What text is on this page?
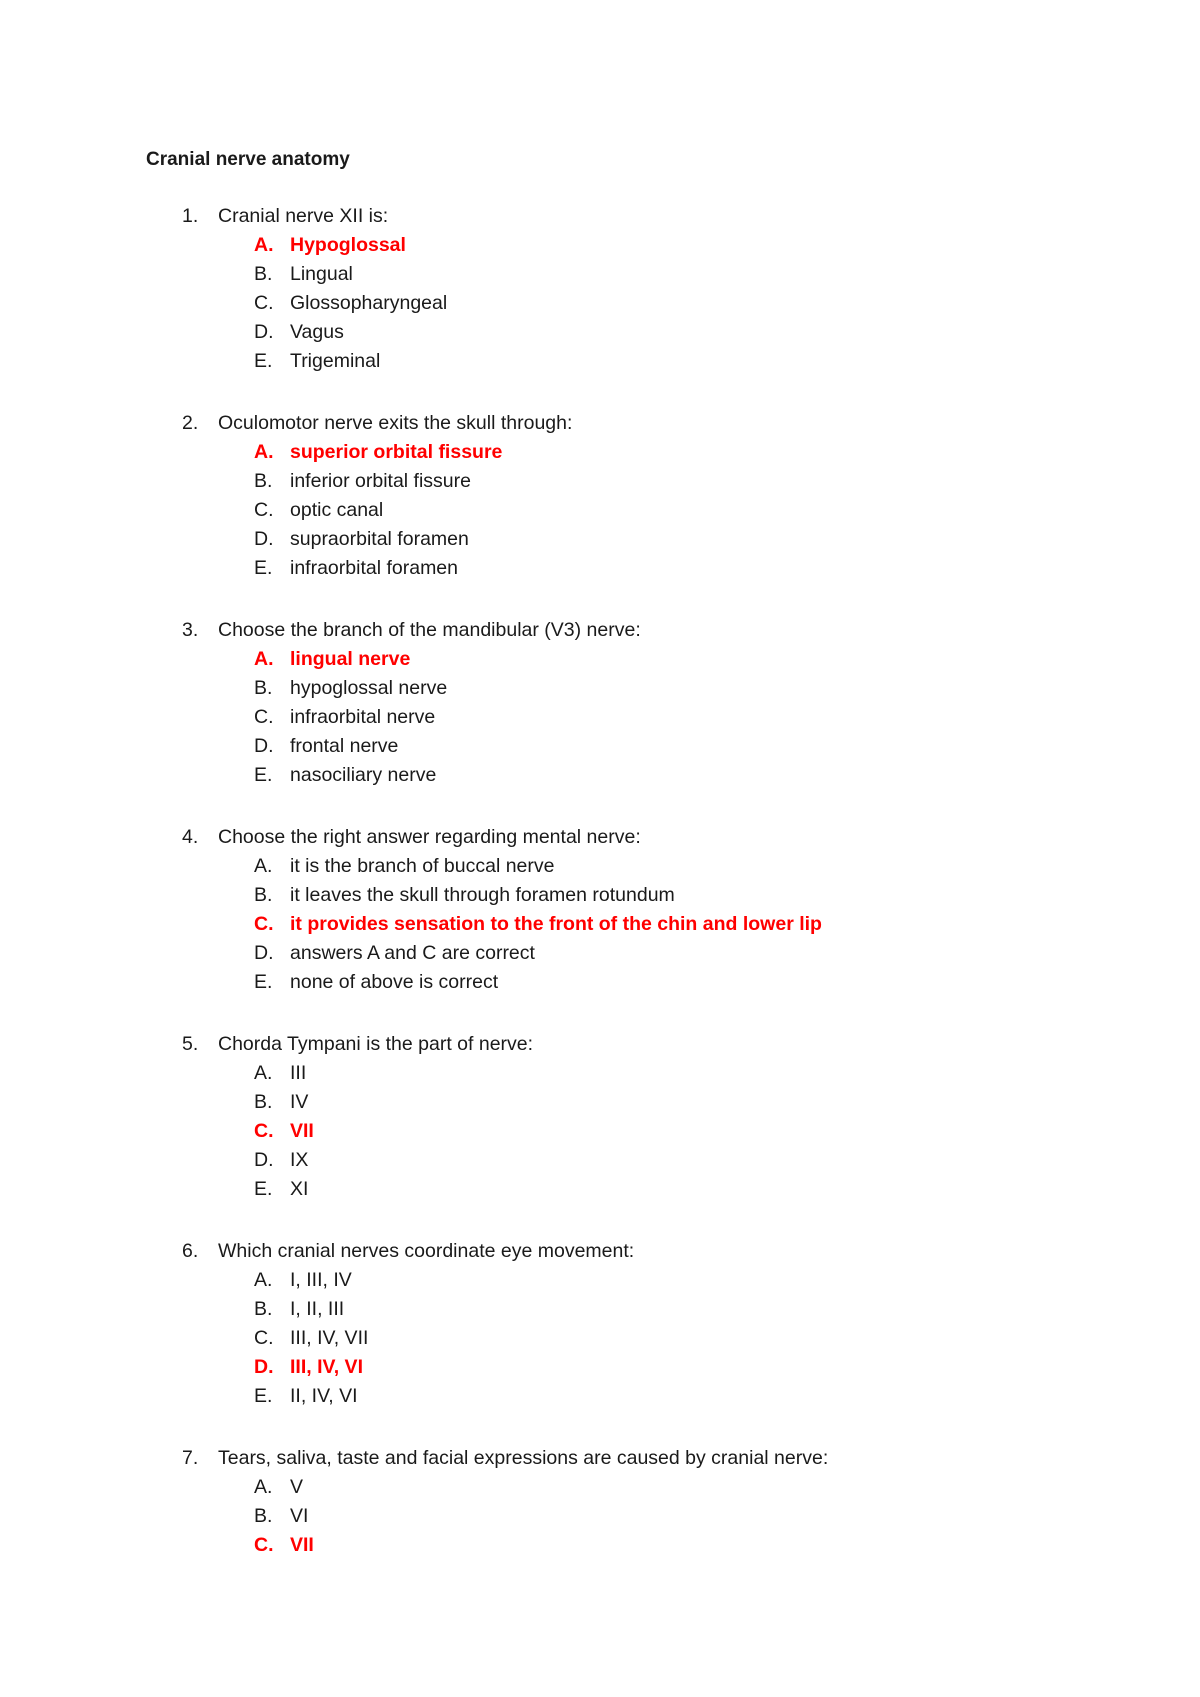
Cranial nerve anatomy
1. Cranial nerve XII is:
A. Hypoglossal
B. Lingual
C. Glossopharyngeal
D. Vagus
E. Trigeminal
2. Oculomotor nerve exits the skull through:
A. superior orbital fissure
B. inferior orbital fissure
C. optic canal
D. supraorbital foramen
E. infraorbital foramen
3. Choose the branch of the mandibular (V3) nerve:
A. lingual nerve
B. hypoglossal nerve
C. infraorbital nerve
D. frontal nerve
E. nasociliary nerve
4. Choose the right answer regarding mental nerve:
A. it is the branch of buccal nerve
B. it leaves the skull through foramen rotundum
C. it provides sensation to the front of the chin and lower lip
D. answers A and C are correct
E. none of above is correct
5. Chorda Tympani is the part of nerve:
A. III
B. IV
C. VII
D. IX
E. XI
6. Which cranial nerves coordinate eye movement:
A. I, III, IV
B. I, II, III
C. III, IV, VII
D. III, IV, VI
E. II, IV, VI
7. Tears, saliva, taste and facial expressions are caused by cranial nerve:
A. V
B. VI
C. VII
